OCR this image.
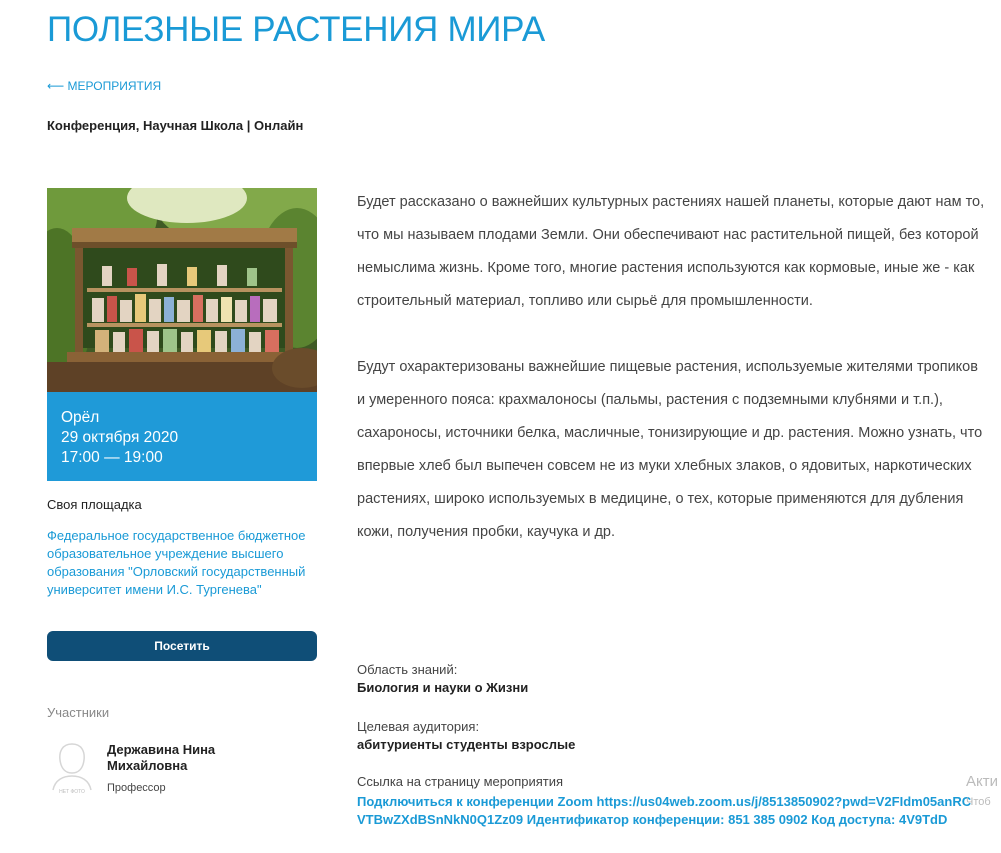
ПОЛЕЗНЫЕ РАСТЕНИЯ МИРА
⟵ МЕРОПРИЯТИЯ
Конференция, Научная Школа | Онлайн
Орёл
29 октября 2020
17:00 — 19:00
Своя площадка
Федеральное государственное бюджетное образовательное учреждение высшего образования "Орловский государственный университет имени И.С. Тургенева"
Посетить
Участники
НЕТ ФОТО
Державина Нина Михайловна
Профессор

Будет рассказано о важнейших культурных растениях нашей планеты, которые дают нам то, что мы называем плодами Земли. Они обеспечивают нас растительной пищей, без которой немыслима жизнь. Кроме того, многие растения используются как кормовые, иные же - как строительный материал, топливо или сырьё для промышленности.

Будут охарактеризованы важнейшие пищевые растения, используемые жителями тропиков и умеренного пояса: крахмалоносы (пальмы, растения с подземными клубнями и т.п.), сахароносы, источники белка, масличные, тонизирующие и др. растения. Можно узнать, что впервые хлеб был выпечен совсем не из муки хлебных злаков, о ядовитых, наркотических растениях, широко используемых в медицине, о тех, которые применяются для дубления кожи, получения пробки, каучука и др.

Область знаний:
Биология и науки о Жизни
Целевая аудитория:
абитуриенты студенты взрослые
Ссылка на страницу мероприятия
Подключиться к конференции Zoom https://us04web.zoom.us/j/8513850902?pwd=V2FIdm05anRCVTBwZXdBSnNkN0Q1Zz09 Идентификатор конференции: 851 385 0902 Код доступа: 4V9TdD
Акти
Чтоб
